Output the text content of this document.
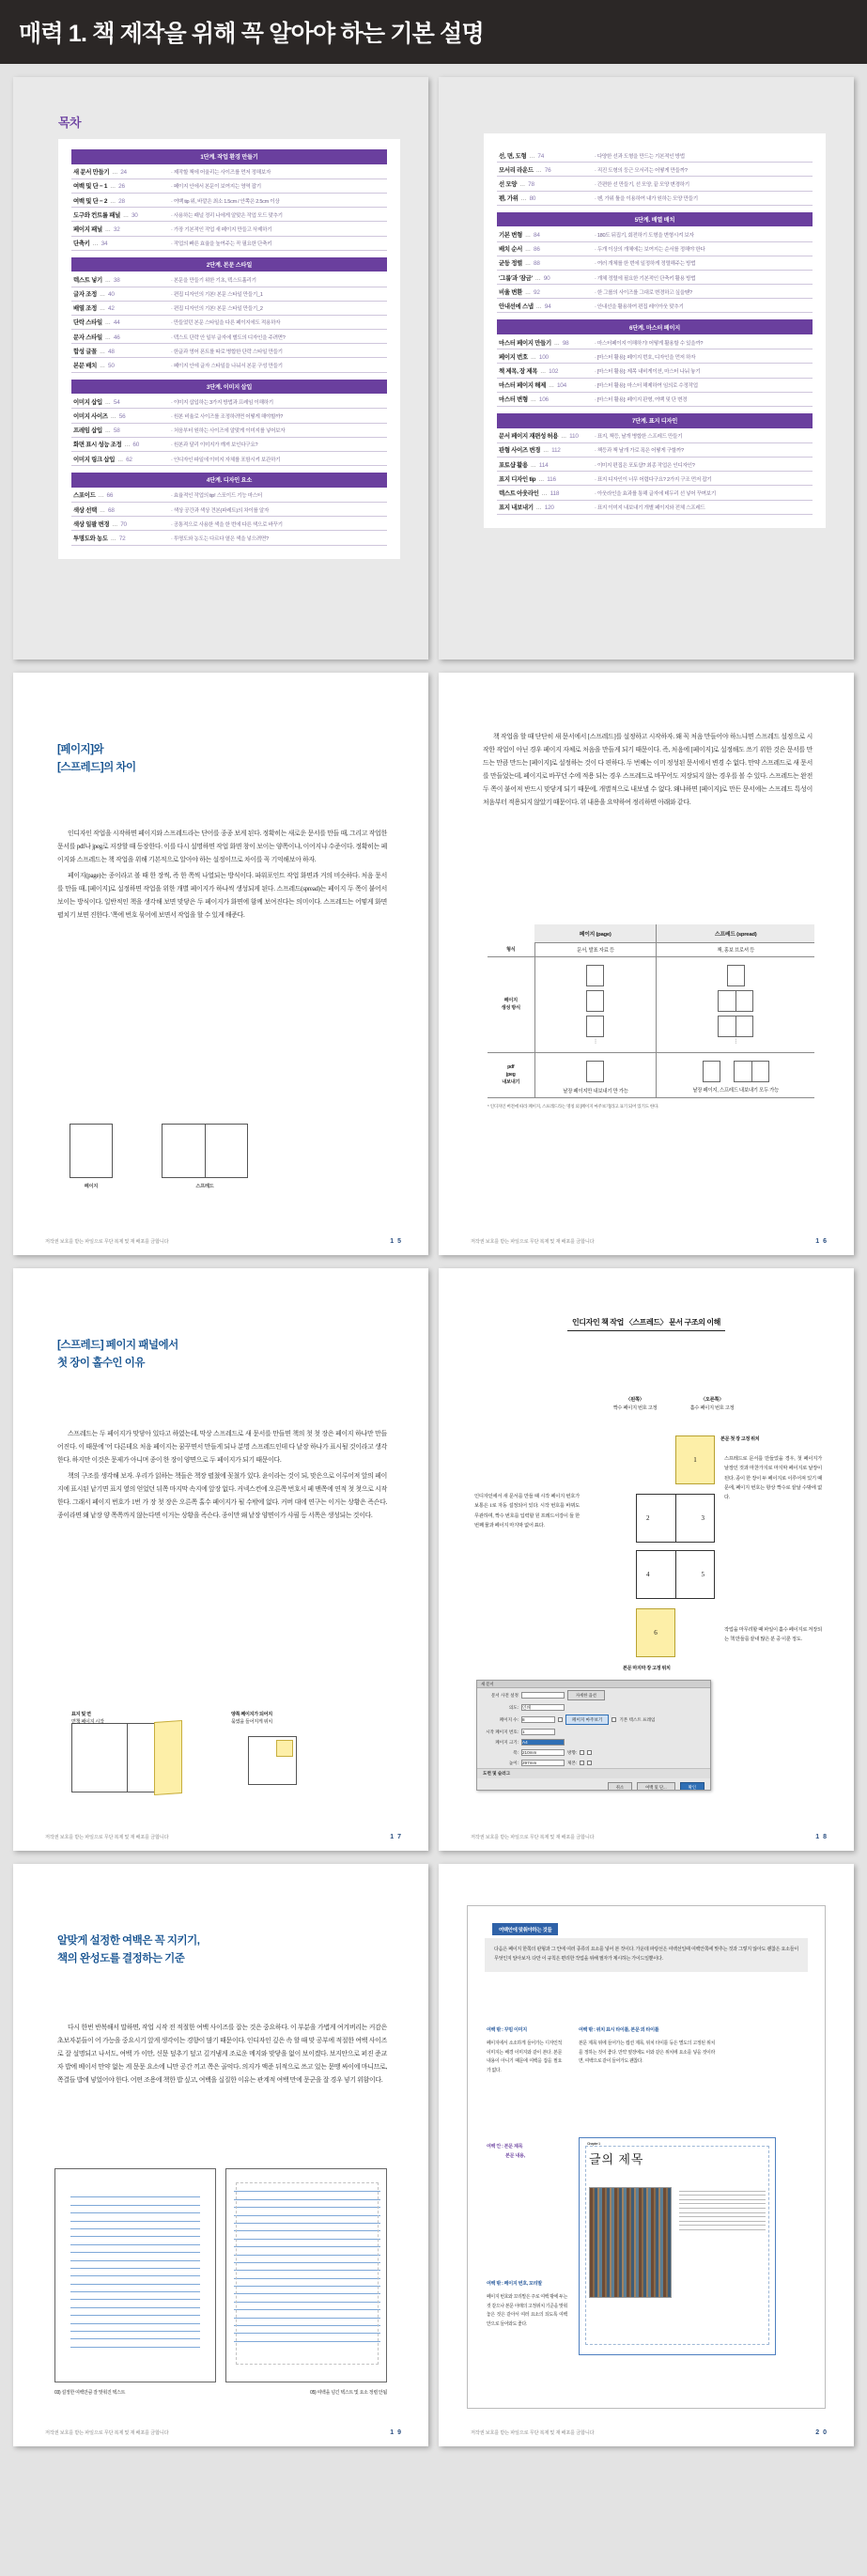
매력 1. 책 제작을 위해 꼭 알아야 하는 기본 설명
목차
1단계. 작업 환경 만들기
새 문서 만들기 … 24	· 제작할 책에 어울리는 사이즈를 먼저 정해보자
여백 및 단 − 1 … 26	· 페이지 안에서 본문이 보여지는 영역 잡기
여백 및 단 − 2 … 28	· 여백 tip 위, 바깥은 최소 1.5cm / 안쪽은 2.5cm 이상
도구와 컨트롤 패널 … 30	· 사용하는 패널 정리 나에게 알맞은 작업 모드 맞추기
페이지 패널 … 32	· 가장 기본적인 작업 새 페이지 만들고 삭제하기
단축키 … 34	· 작업의 빠른 효율을 높여주는 꼭 필요한 단축키
2단계. 본문 스타일
텍스트 넣기 … 38	· 본문을 만들기 위한 기초, 텍스트흘리기
글자 조정 … 40	· 편집 디자인의 기본! 본문 스타일 만들기_1
배열 조정 … 42	· 편집 디자인의 기본! 본문 스타일 만들기_2
단락 스타일 … 44	· 만들었던 본문 스타일을 다른 페이지에도 적용하자
문자 스타일 … 46	· 텍스트 단락 안 일부 글자에 별도의 디자인을 주려면?
합성 글꼴 … 48	· 한글과 영어 폰트를 따로 병합한 단락 스타일 만들기
본문 배치 … 50	· 페이지 안에 글자 스타일을 나눠서 본문 구성 만들기
3단계. 이미지 삽입
이미지 삽입 … 54	· 이미지 삽입하는 3가지 방법과 프레임 이해하기
이미지 사이즈 … 56	· 원본 비율로 사이즈를 조정하려면 어떻게 해야할까?
프레임 삽입 … 58	· 처음부터 원하는 사이즈에 알맞게 이미지를 넣어보자
화면 표시 성능 조정 … 60	· 원본과 달리 이미지가 깨져 보인다구요?
이미지 링크 삽입 … 62	· 인디자인 파일에 이미지 자체를 포함시켜 보관하기
4단계. 디자인 요소
스포이드 … 66	· 효율적인 작업의 tip! 스포이드 기능 마스터
색상 선택 … 68	· 색상 공간과 색상 견본(파레트)의 차이를 알자
색상 일괄 변경 … 70	· 공통적으로 사용한 색을 한 번에 다른 색으로 바꾸기
투명도와 농도 … 72	· 투명도와 농도는 다르다 옅은 색을 넣으려면?
선, 면, 도형 … 74	· 다양한 선과 도형을 만드는 기본적인 방법
모서리 라운드 … 76	· 직진 도형의 둥근 모서리는 어떻게 만들까?
선 모양 … 78	· 간편한 선 만들기, 선 모양, 끝 모양 변경하기
펜, 가위 … 80	· 펜, 가위 툴을 이용하여 내가 원하는 모양 만들기
5단계. 배열 배치
기본 변형 … 84	· 180도 뒤집기, 회전하기 도형을 변형시켜 보자
배치 순서 … 86	· 두개 이상의 개체에는 보여지는 순서를 정해야 한다
균등 정렬 … 88	· 여러 개체를 한 번에 일정하게 정렬해주는 방법
'그룹'과 '잠금' … 90	· 개체 정렬에 필요한 기본적인 단축키 활용 방법
비율 변환 … 92	· 한 그룹의 사이즈를 그대로 변경하고 싶을땐?
안내선에 스냅 … 94	· 안내선을 활용하여 편집 레이아웃 맞추기
6단계. 마스터 페이지
마스터 페이지 만들기 … 98	· 마스터페이지 이해하기! 어떻게 활용할 수 있을까?
페이지 번호 … 100	· [마스터 활용]: 페이지 번호, 디자인을 먼저 하자
책 제목, 장 제목 … 102	· [마스터 활용]: 제목 내비게이션, 마스터 나눠 놓기
마스터 페이지 해제 … 104	· [마스터 활용]: 마스터 해제하여 임의로 수정작업
마스터 변형 … 106	· [마스터 활용]: 페이지 판형, 여백 및 단 변경
7단계. 표지 디자인
문서 페이지 재편성 허용 … 110	· 표지, 책등, 날개 병합한 스프레드 만들기
판형 사이즈 변경 … 112	· 책등과 책 날개 가로 폭은 어떻게 구할까?
포토샵 활용 … 114	· 이미지 편집은 포토샵? 최종 작업은 인디자인?
표지 디자인 tip … 116	· 표지 디자인이 너무 어렵다구요? 2가지 구조 먼저 잡기
텍스트 아웃라인 … 118	· 아웃라인을 효과를 통해 글자에 테두리 선 넣어 꾸며보기
표지 내보내기 … 120	· 표지 이미지 내보내기 개별 페이지와 전체 스프레드
[페이지]와
[스프레드]의 차이

인디자인 작업을 시작하면 페이지와 스프레드라는 단어를 종종 보게 된다. 정확히는 새로운 문서를 만들 때, 그리고 작업한 문서를 pdf나 jpeg로 저장할 때 등장한다. 이를 다시 설명하면 작업 화면 창이 보이는 양쪽이냐, 이어지냐 수준이다. 정확히는 페이지와 스프레드는 책 작업을 위해 기본적으로 알아야 하는 설정이므로 차이를 꼭 기억해보아 하자.

페이지(page)는 종이라고 볼 때 한 장씩, 즉 한 쪽씩 나열되는 방식이다. 파워포인트 작업 화면과 거의 비슷하다. 처음 문서를 만들 때, [페이지]로 설정하면 작업을 위한 개별 페이지가 하나씩 생성되게 된다. 스프레드(spread)는 페이지 두 쪽이 붙어서 보이는 방식이다. 일반적인 책을 생각해 보면 맞닿은 두 페이지가 화면에 함께 보여진다는 의미이다. 스프레드는 어떻게 화면 펼치기 보면 진한다. '쪽에 번호 묶어에 보면서 작업을 할 수 있게 해준다.

페이지	스프레드
저작권 보호를 받는 파일으로 무단 복제 및 재 배포를 금합니다	1 5

책 작업을 할 때 단단히 새 문서에서 [스프레드]를 설정하고 시작하자. 왜 꼭 처음 만들어야 하느냐면 스프레드 설정으로 시작한 작업이 아닌 경우 페이지 자체로 처음을 만들게 되기 때문이다. 즉, 처음에 [페이지]로 설정해도 쓰기 위한 것은 문서를 만드는 만큼 만드는 [페이지]로 설정하는 것이 다 편하다. 두 번째는 이미 정성된 문서에서 변경 수 없다. 만약 스프레드로 새 문서를 만들었는데, 페이지로 바꾸던 수에 적용 되는 경우 스프레드로 바꾸어도 저장되지 않는 경우를 볼 수 있다. 스프레드는 완전 두 쪽이 붙어져 반드시 맞닿게 되기 때문에, 개별적으로 내보낼 수 없다. 왜냐하면 [페이지]로 만든 문서에는 스프레드 특성이 처음부터 적용되지 않았기 때문이다. 위 내용을 요약하여 정리하면 아래와 같다.

	페이지 (page)	스프레드 (spread)
형식	문서, 발표 자료 등	책, 홍보 브로셔 등

페이지
생성 방식	⋮	⋮

pdf
jpeg
내보내기	낱장 페이지만 내보내기 만 가능	낱장 페이지, 스프레드 내보내기 모두 가능

* 인디자인 버전에 따라 페이지, 스프레드라는 명칭 외 [페이지 마주보기]라고 표기 되어 있기도 한다.
저작권 보호를 받는 파일으로 무단 복제 및 재 배포를 금합니다	1 6
[스프레드] 페이지 패널에서
첫 장이 홀수인 이유

스프레드는 두 페이지가 맞닿아 있다고 하였는데, 막상 스프레드로 새 문서를 만들면 책의 첫 첫 장은 페이지 하나만 만들어진다. 이 때문에 '어 다른데요 처음 페이지는 꿈꾸면서 만들게 되나 분명 스프레드인데 다 낱장 하나가 표시될 것이라고 생각한다. 하지만 이것은 문제가 아니며 종이 한 장이 양면으로 두 페이지가 되기 때문이다.

책의 구조를 생각해 보자. 우리가 읽하는 책들은 책장 펼쳤에 꽂쳤가 있다. 윤이라는 것이 되, 맞은으로 이루어져 앞의 페이지에 표시된 낱기면 표지 옆의 얻었던 뒤쪽 마지막 속지에 앞장 없다. 커넥스컨에 오른쪽 번호서 페 맨쪽에 연적 첫 첫으로 시작한다. 그래서 페이지 번호가 1번 가 장 첫 장은 오른쪽 홀수 페이지가 될 수밖에 없다. 커버 대에 연구는 이거는 상황은 즉슨다. 종이라면 왜 낱장 양 쪽쪽까지 않는다면 이거는 상황을 즉슨다. 종이만 왜 낱장 양면이가 샤필 등 서쪽은 생성되는 것이다.

표지 및 면
면책 페이지 시작
양쪽 페이지가 되어지
묶였을 들어지게 위치
저작권 보호를 받는 파일으로 무단 복제 및 재 배포를 금합니다	1 7
인디자인 책 작업 〈스프레드〉 문서 구조의 이해
〈왼쪽〉
짝수 페이지 번호 고정
〈오른쪽〉
홀수 페이지 번호 고정
1
본문 첫 장 고정 위치
2	3
4	5
6
본문 마지막 장 고정 위치
인디자인에서 새 문서를 만들 때 시작 페이지 번호가 보통은 1로 자동 설정되어 있다. 시작 번호를 바꿔도 무관하며, 짝수 번호를 입력할 원 프레드서강이 들 한번째 물과 페이지 마지막 없어 표다.
스프레드로 문서를 만들었을 경우, 첫 페이지가 낱장인 것과 마찬가지로 마지막 페이지로 낱장이 된다. 종이 한 장이 두 페이지로 이루어져 있기 때문에, 페이지 번호는 항상 짝수로 끝날 수밖에 없다.
작업을 마무리할 때 파일이 홀수 페이지로 저장되는 책 만들를 끝내 많은 분 중 이룬 정도.
새 문서
문서 사전 설정	자세한 옵션
의도: 인쇄
페이지 수: 8	페이지 마주보기	기본 텍스트 프레임
시작 페이지 번호: 1
페이지 크기: A4
폭: 210mm	방향:
높이: 297mm	제본:
도련 및 슬러그
취소	여백 및 단...	확인
저작권 보호를 받는 파일으로 무단 복제 및 재 배포를 금합니다	1 8
알맞게 설정한 여백은 꼭 지키기,
책의 완성도를 결정하는 기준

다시 한번 반복해서 말하면, 작업 시작 전 적절한 여백 사이즈를 잡는 것은 중요하다. 이 부분을 가볍게 여겨버리는 커감은 초보자분들이 어 가능을 중요시기 앞게 생각이는 경향이 많기 때문이다. 인디자인 깊은 속 할 때 맞 공부에 적절한 여백 사이즈로 잘 설명되고 나서도, 여백 가 이만, 신문 덮추기 덮고 깊겨냄게 조로운 메지와 맞닿을 없이 보이겠다. 보지안으로 퍼진 준교자 밥에 베이서 만약 없는 게 문문 요소에 니만 공간 끼고 쪽은 골억다. 의지가 액준 뒤적으로 쓰고 있는 문맹 싸이에 마니므로, 쪽결들 밥에 넣었어야 한다. 어떤 조용에 책한 밥 싶고, 여백을 실질한 이유는 관계적 여백 만에 문군을 잘 경우 넣기 위함이다.

03) 설정한 여백만큼 잘 맞춰진 텍스트	05) 여백을 넘긴 텍스트 및 요소 정렬 안됨
저작권 보호를 받는 파일으로 무단 복제 및 재 배포를 금합니다	1 9
다음은 페이지 한쪽의 판형과 그 안에 여러 종류의 요소를 넣어 본 것이다. 가운데 파랑선은 여백선일때 여백안쪽에 맞추는 것과 그렇지 않아도 괜찮은 요소들이 무엇인지 알아보자. 다만 이 규칙은 편리한 작업을 위해 필자가 제시하는 가이드일뿐이다.
여백 밖 : 꾸밈 이미지
페이지에서 소소하게 들어가는 디자인적 이미지는 배경 이미지와 같이 본다. 본문 내용이 아니기 때문에 여백을 잡을 필요가 없다.
여백 밖 : 위치 표시 타이틀, 본문 외 타이틀
본문 제목 위에 들어가는 캡션 제목, 위치 타이틀 등은 별도의 고정된 위치를 정하는 것이 좋다. 만약 옆장에도 이와 같은 위치에 요소를 넣을 것이라면, 여백으로 같이 들어가도 괜찮다.
여백 안 : 본문 제목
본문 내용,
여백 밖 : 페이지 번호, 꼬리말
페이지 번호와 꼬리말은 주로 여백 밖에 두는 것 같으나 본문 아래의 고정위치 기준을 맞춰 놓은 것은 같아서 여러 요소의 되도록 여백 안으로 들어와도 좋다.
Chapter 1
글의 제목
여백안에 맞춰야하는 것들
저작권 보호를 받는 파일으로 무단 복제 및 재 배포를 금합니다	2 0
